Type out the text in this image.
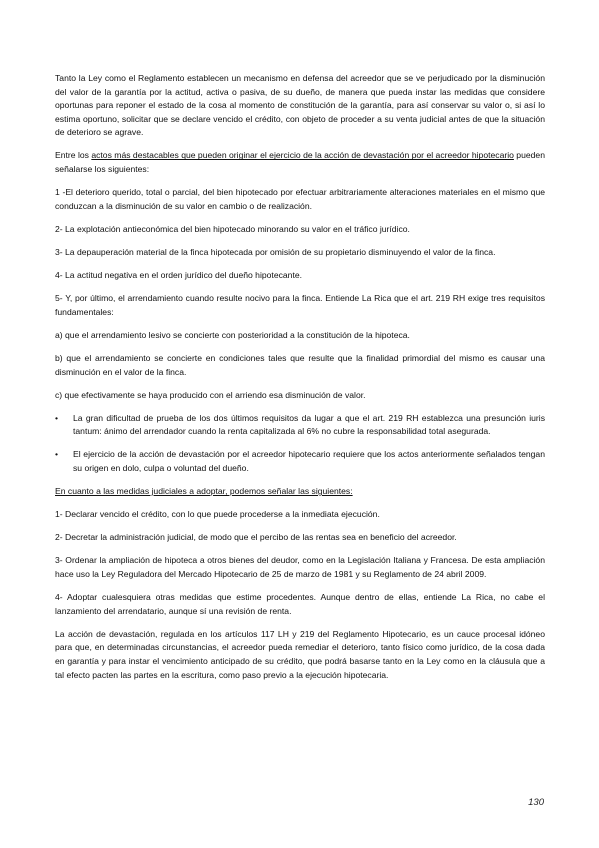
Tanto la Ley como el Reglamento establecen un mecanismo en defensa del acreedor que se ve perjudicado por la disminución del valor de la garantía por la actitud, activa o pasiva, de su dueño, de manera que pueda instar las medidas que considere oportunas para reponer el estado de la cosa al momento de constitución de la garantía, para así conservar su valor o, si así lo estima oportuno, solicitar que se declare vencido el crédito, con objeto de proceder a su venta judicial antes de que la situación de deterioro se agrave.

Entre los actos más destacables que pueden originar el ejercicio de la acción de devastación por el acreedor hipotecario pueden señalarse los siguientes:

1 -El deterioro querido, total o parcial, del bien hipotecado por efectuar arbitrariamente alteraciones materiales en el mismo que conduzcan a la disminución de su valor en cambio o de realización.

2- La explotación antieconómica del bien hipotecado minorando su valor en el tráfico jurídico.

3- La depauperación material de la finca hipotecada por omisión de su propietario disminuyendo el valor de la finca.

4- La actitud negativa en el orden jurídico del dueño hipotecante.

5- Y, por último, el arrendamiento cuando resulte nocivo para la finca. Entiende La Rica que el art. 219 RH exige tres requisitos fundamentales:

a) que el arrendamiento lesivo se concierte con posterioridad a la constitución de la hipoteca.

b) que el arrendamiento se concierte en condiciones tales que resulte que la finalidad primordial del mismo es causar una disminución en el valor de la finca.

c) que efectivamente se haya producido con el arriendo esa disminución de valor.

•	La gran dificultad de prueba de los dos últimos requisitos da lugar a que el art. 219 RH establezca una presunción iuris tantum: ánimo del arrendador cuando la renta capitalizada al 6% no cubre la responsabilidad total asegurada.
•	El ejercicio de la acción de devastación por el acreedor hipotecario requiere que los actos anteriormente señalados tengan su origen en dolo, culpa o voluntad del dueño.

En cuanto a las medidas judiciales a adoptar, podemos señalar las siguientes:

1- Declarar vencido el crédito, con lo que puede procederse a la inmediata ejecución.

2- Decretar la administración judicial, de modo que el percibo de las rentas sea en beneficio del acreedor.

3- Ordenar la ampliación de hipoteca a otros bienes del deudor, como en la Legislación Italiana y Francesa. De esta ampliación hace uso la Ley Reguladora del Mercado Hipotecario de 25 de marzo de 1981 y su Reglamento de 24 abril 2009.

4- Adoptar cualesquiera otras medidas que estime procedentes. Aunque dentro de ellas, entiende La Rica, no cabe el lanzamiento del arrendatario, aunque sí una revisión de renta.

La acción de devastación, regulada en los artículos 117 LH y 219 del Reglamento Hipotecario, es un cauce procesal idóneo para que, en determinadas circunstancias, el acreedor pueda remediar el deterioro, tanto físico como jurídico, de la cosa dada en garantía y para instar el vencimiento anticipado de su crédito, que podrá basarse tanto en la Ley como en la cláusula que a tal efecto pacten las partes en la escritura, como paso previo a la ejecución hipotecaria.

130
